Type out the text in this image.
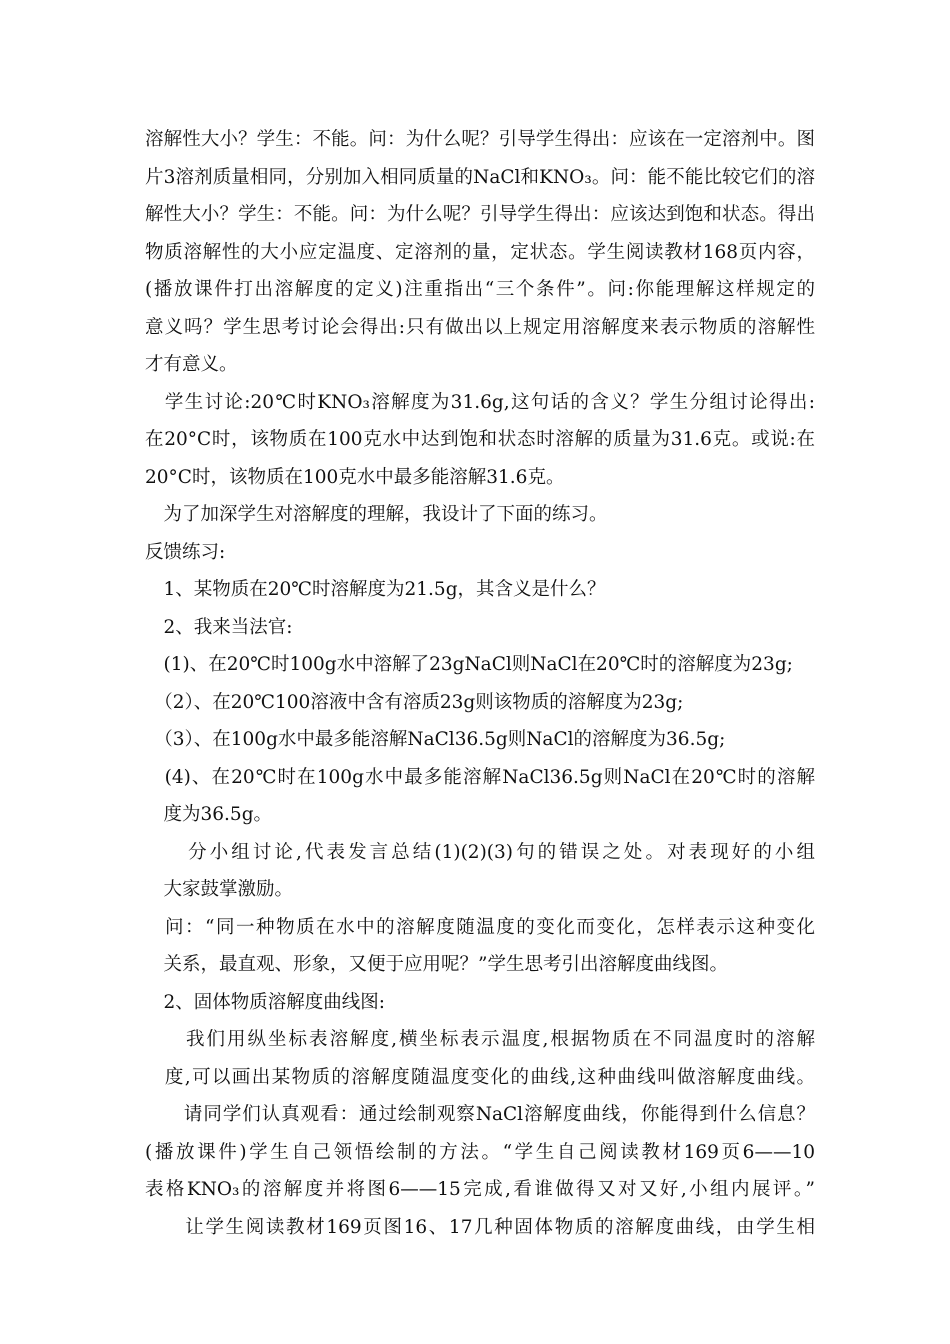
溶解性大小？学生：不能。问：为什么呢？引导学生得出：应该在一定溶剂中。图
片3溶剂质量相同，分别加入相同质量的NaCl和KNO₃。问：能不能比较它们的溶
解性大小？学生：不能。问：为什么呢？引导学生得出：应该达到饱和状态。得出
物质溶解性的大小应定温度、定溶剂的量，定状态。学生阅读教材168页内容，
(播放课件打出溶解度的定义)注重指出“三个条件”。问:你能理解这样规定的
意义吗？学生思考讨论会得出:只有做出以上规定用溶解度来表示物质的溶解性
才有意义。
　学生讨论:20℃时KNO₃溶解度为31.6g,这句话的含义？学生分组讨论得出:
在20°C时，该物质在100克水中达到饱和状态时溶解的质量为31.6克。或说:在
20°C时，该物质在100克水中最多能溶解31.6克。
　为了加深学生对溶解度的理解，我设计了下面的练习。
反馈练习:
　1、某物质在20℃时溶解度为21.5g，其含义是什么？
　2、我来当法官:
　(1)、在20℃时100g水中溶解了23gNaCl则NaCl在20℃时的溶解度为23g;
　（2）、在20℃100溶液中含有溶质23g则该物质的溶解度为23g;
　（3）、在100g水中最多能溶解NaCl36.5g则NaCl的溶解度为36.5g;
　(4)、在20℃时在100g水中最多能溶解NaCl36.5g则NaCl在20℃时的溶解
　度为36.5g。
　　分小组讨论,代表发言总结(1)(2)(3)句的错误之处。对表现好的小组
　大家鼓掌激励。
　问：“同一种物质在水中的溶解度随温度的变化而变化，怎样表示这种变化
　关系，最直观、形象，又便于应用呢？”学生思考引出溶解度曲线图。
　2、固体物质溶解度曲线图:
　　我们用纵坐标表溶解度,横坐标表示温度,根据物质在不同温度时的溶解
　度,可以画出某物质的溶解度随温度变化的曲线,这种曲线叫做溶解度曲线。
　　请同学们认真观看：通过绘制观察NaCl溶解度曲线，你能得到什么信息？
(播放课件)学生自己领悟绘制的方法。“学生自己阅读教材169页6——10
表格KNO₃的溶解度并将图6——15完成,看谁做得又对又好,小组内展评。”
　　让学生阅读教材169页图16、17几种固体物质的溶解度曲线，由学生相
